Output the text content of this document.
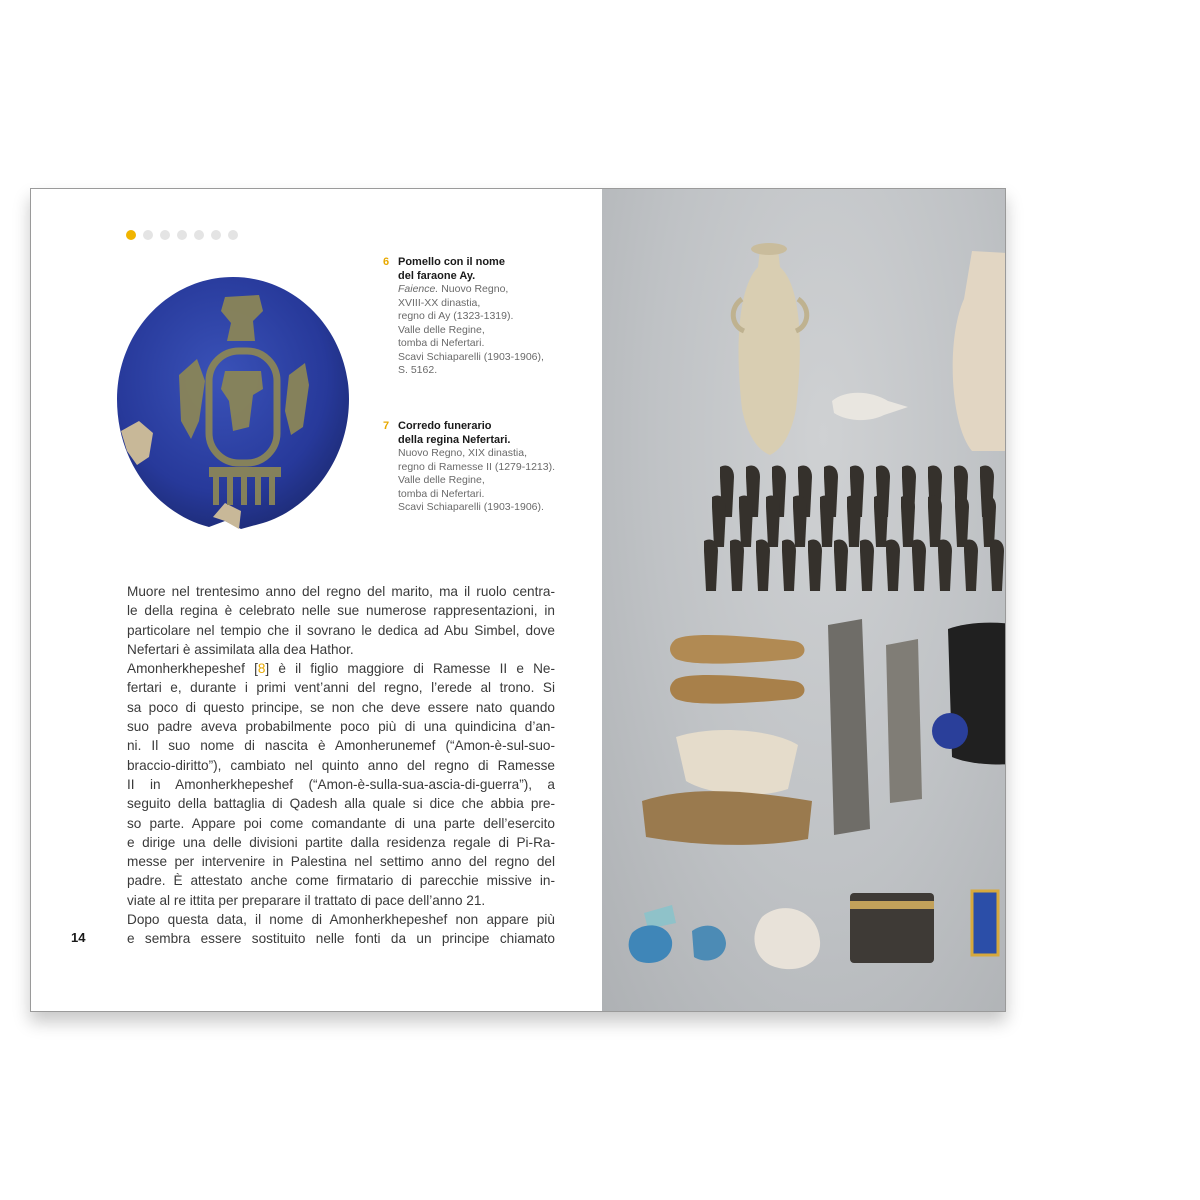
6 Pomello con il nome
del faraone Ay.
Faience. Nuovo Regno,
XVIII-XX dinastia,
regno di Ay (1323-1319).
Valle delle Regine,
tomba di Nefertari.
Scavi Schiaparelli (1903-1906),
S. 5162.
7 Corredo funerario
della regina Nefertari.
Nuovo Regno, XIX dinastia,
regno di Ramesse II (1279-1213).
Valle delle Regine,
tomba di Nefertari.
Scavi Schiaparelli (1903-1906).
Muore nel trentesimo anno del regno del marito, ma il ruolo centra-
le della regina è celebrato nelle sue numerose rappresentazioni, in
particolare nel tempio che il sovrano le dedica ad Abu Simbel, dove
Nefertari è assimilata alla dea Hathor.
Amonherkhepeshef [8] è il figlio maggiore di Ramesse II e Ne-
fertari e, durante i primi vent’anni del regno, l’erede al trono. Si
sa poco di questo principe, se non che deve essere nato quando
suo padre aveva probabilmente poco più di una quindicina d’an-
ni. Il suo nome di nascita è Amonherunemef (“Amon-è-sul-suo-
braccio-diritto”), cambiato nel quinto anno del regno di Ramesse
II in Amonherkhepeshef (“Amon-è-sulla-sua-ascia-di-guerra”), a
seguito della battaglia di Qadesh alla quale si dice che abbia pre-
so parte. Appare poi come comandante di una parte dell’esercito
e dirige una delle divisioni partite dalla residenza regale di Pi-Ra-
messe per intervenire in Palestina nel settimo anno del regno del
padre. È attestato anche come firmatario di parecchie missive in-
viate al re ittita per preparare il trattato di pace dell’anno 21.
Dopo questa data, il nome di Amonherkhepeshef non appare più
e sembra essere sostituito nelle fonti da un principe chiamato
14
